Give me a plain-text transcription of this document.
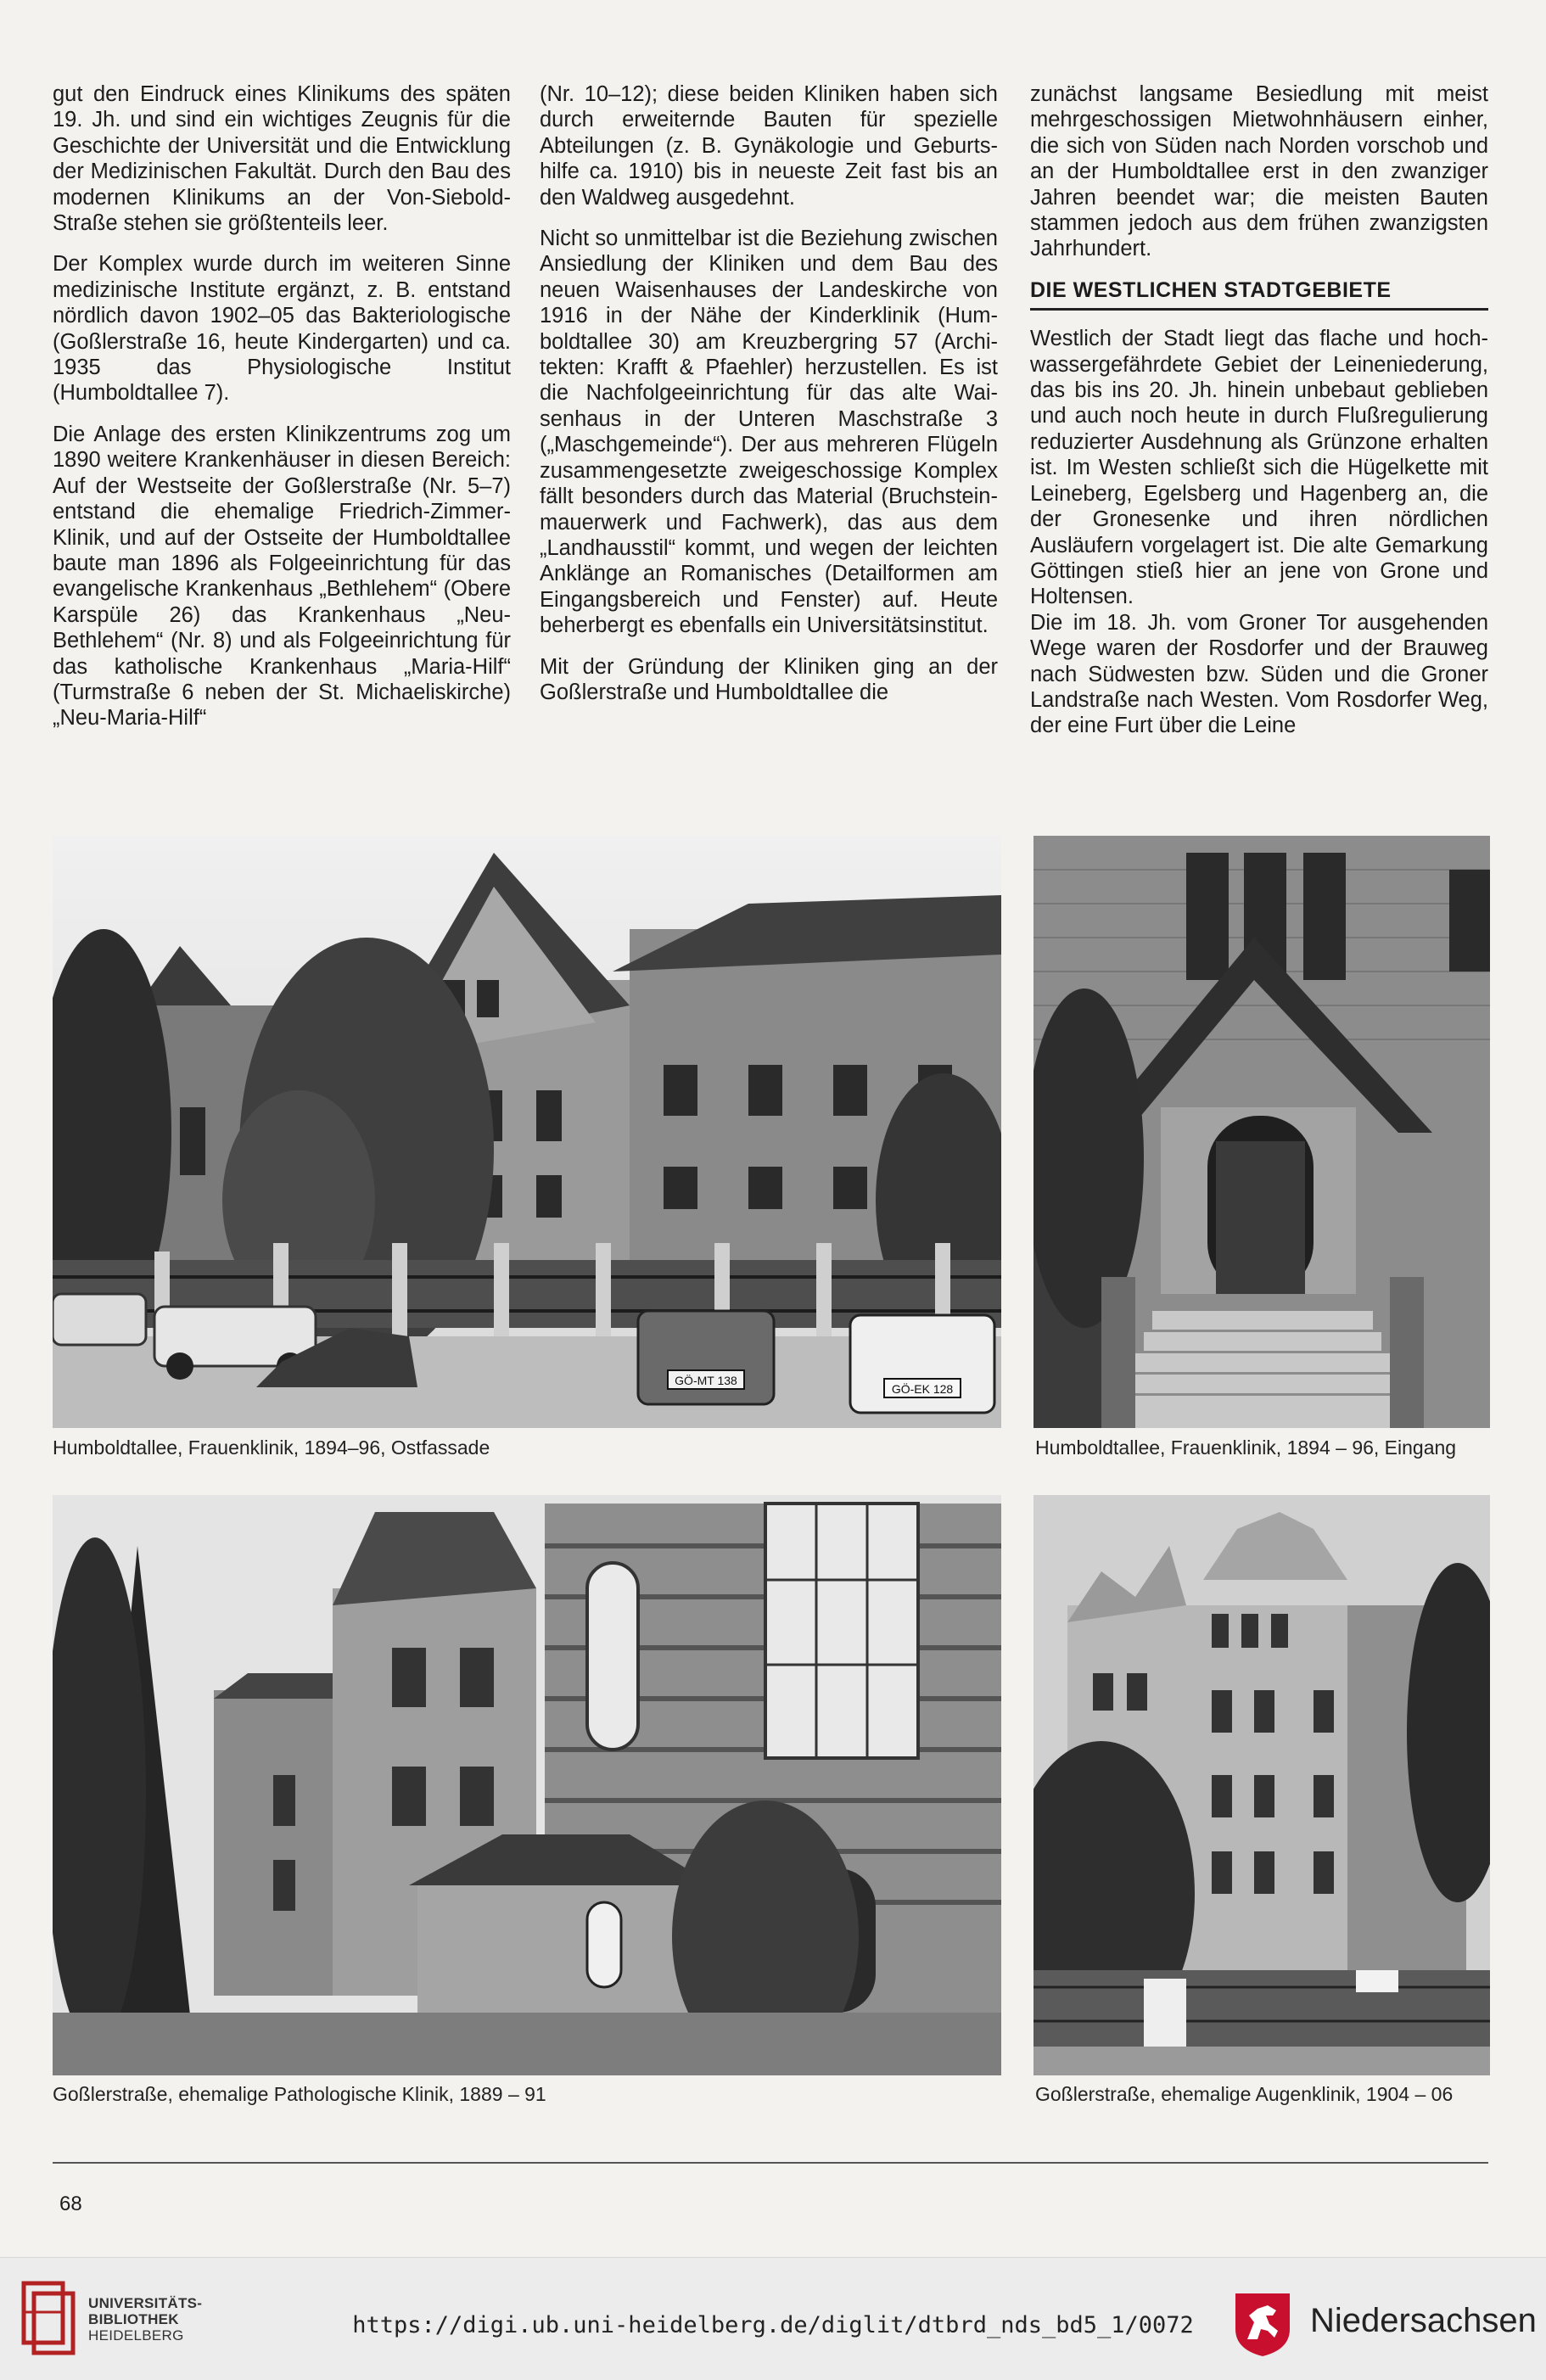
gut den Eindruck eines Klinikums des späten 19. Jh. und sind ein wichtiges Zeugnis für die Geschichte der Universität und die Entwicklung der Medizinischen Fakultät. Durch den Bau des modernen Klinikums an der Von-Siebold-Straße stehen sie größtenteils leer.

Der Komplex wurde durch im weiteren Sinne medizinische Institute ergänzt, z. B. entstand nördlich davon 1902–05 das Bakteriologische (Goßlerstraße 16, heute Kindergarten) und ca. 1935 das Physiologische Institut (Humboldtallee 7).

Die Anlage des ersten Klinikzentrums zog um 1890 weitere Krankenhäuser in diesen Bereich: Auf der Westseite der Goßlerstraße (Nr. 5–7) entstand die ehemalige Friedrich-Zimmer-Klinik, und auf der Ostseite der Humboldtallee baute man 1896 als Folgeeinrichtung für das evangelische Krankenhaus „Bethlehem“ (Obere Karspüle 26) das Krankenhaus „Neu-Bethlehem“ (Nr. 8) und als Folgeeinrichtung für das katholische Krankenhaus „Maria-Hilf“ (Turmstraße 6 neben der St. Michaeliskirche) „Neu-Maria-Hilf“

(Nr. 10–12); diese beiden Kliniken haben sich durch erweiternde Bauten für spezielle Abteilungen (z. B. Gynäkologie und Geburtshilfe ca. 1910) bis in neueste Zeit fast bis an den Waldweg ausgedehnt.

Nicht so unmittelbar ist die Beziehung zwischen Ansiedlung der Kliniken und dem Bau des neuen Waisenhauses der Landeskirche von 1916 in der Nähe der Kinderklinik (Humboldtallee 30) am Kreuzbergring 57 (Architekten: Krafft & Pfaehler) herzustellen. Es ist die Nachfolgeeinrichtung für das alte Waisenhaus in der Unteren Maschstraße 3 („Maschgemeinde“). Der aus mehreren Flügeln zusammengesetzte zweigeschossige Komplex fällt besonders durch das Material (Bruchsteinmauerwerk und Fachwerk), das aus dem „Landhausstil“ kommt, und wegen der leichten Anklänge an Romanisches (Detailformen am Eingangsbereich und Fenster) auf. Heute beherbergt es ebenfalls ein Universitätsinstitut.

Mit der Gründung der Kliniken ging an der Goßlerstraße und Humboldtallee die

zunächst langsame Besiedlung mit meist mehrgeschossigen Mietwohnhäusern einher, die sich von Süden nach Norden vorschob und an der Humboldtallee erst in den zwanziger Jahren beendet war; die meisten Bauten stammen jedoch aus dem frühen zwanzigsten Jahrhundert.

DIE WESTLICHEN STADTGEBIETE

Westlich der Stadt liegt das flache und hochwassergefährdete Gebiet der Leineniederung, das bis ins 20. Jh. hinein unbebaut geblieben und auch noch heute in durch Flußregulierung reduzierter Ausdehnung als Grünzone erhalten ist. Im Westen schließt sich die Hügelkette mit Leineberg, Egelsberg und Hagenberg an, die der Gronesenke und ihren nördlichen Ausläufern vorgelagert ist. Die alte Gemarkung Göttingen stieß hier an jene von Grone und Holtensen.

Die im 18. Jh. vom Groner Tor ausgehenden Wege waren der Rosdorfer und der Brauweg nach Südwesten bzw. Süden und die Groner Landstraße nach Westen. Vom Rosdorfer Weg, der eine Furt über die Leine

GÖ-MT 138
GÖ-EK 128
Humboldtallee, Frauenklinik, 1894–96, Ostfassade	Humboldtallee, Frauenklinik, 1894 – 96, Eingang
Goßlerstraße, ehemalige Pathologische Klinik, 1889 – 91	Goßlerstraße, ehemalige Augenklinik, 1904 – 06
68
UNIVERSITÄTS-
BIBLIOTHEK
HEIDELBERG	https://digi.ub.uni-heidelberg.de/diglit/dtbrd_nds_bd5_1/0072	Niedersachsen
